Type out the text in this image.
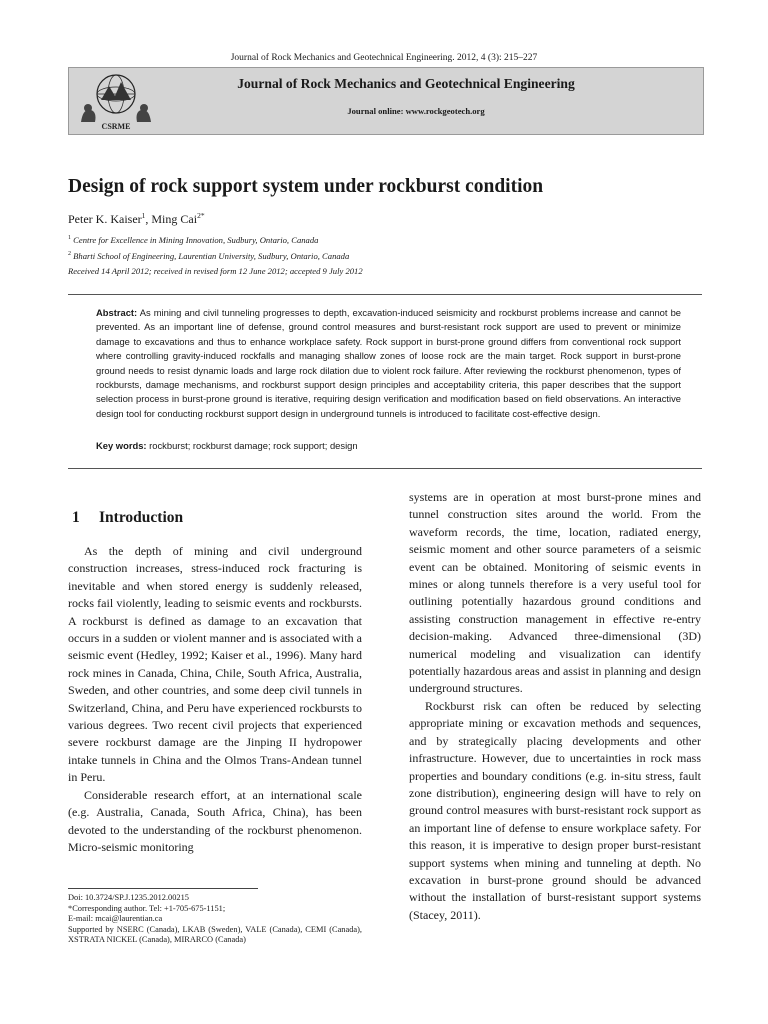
Journal of Rock Mechanics and Geotechnical Engineering. 2012, 4 (3): 215–227
CSRME
Journal of Rock Mechanics and Geotechnical Engineering
Journal online: www.rockgeotech.org
Design of rock support system under rockburst condition
Peter K. Kaiser$^1$, Ming Cai$^{2*}$
$^1$ Centre for Excellence in Mining Innovation, Sudbury, Ontario, Canada
$^2$ Bharti School of Engineering, Laurentian University, Sudbury, Ontario, Canada
Received 14 April 2012; received in revised form 12 June 2012; accepted 9 July 2012
Abstract: As mining and civil tunneling progresses to depth, excavation-induced seismicity and rockburst problems increase and cannot be prevented. As an important line of defense, ground control measures and burst-resistant rock support are used to prevent or minimize damage to excavations and thus to enhance workplace safety. Rock support in burst-prone ground differs from conventional rock support where controlling gravity-induced rockfalls and managing shallow zones of loose rock are the main target. Rock support in burst-prone ground needs to resist dynamic loads and large rock dilation due to violent rock failure. After reviewing the rockburst phenomenon, types of rockbursts, damage mechanisms, and rockburst support design principles and acceptability criteria, this paper describes that the support selection process in burst-prone ground is iterative, requiring design verification and modification based on field observations. An interactive design tool for conducting rockburst support design in underground tunnels is introduced to facilitate cost-effective design.
Key words: rockburst; rockburst damage; rock support; design
1 Introduction

As the depth of mining and civil underground construction increases, stress-induced rock fracturing is inevitable and when stored energy is suddenly released, rocks fail violently, leading to seismic events and rockbursts. A rockburst is defined as damage to an excavation that occurs in a sudden or violent manner and is associated with a seismic event (Hedley, 1992; Kaiser et al., 1996). Many hard rock mines in Canada, China, Chile, South Africa, Australia, Sweden, and other countries, and some deep civil tunnels in Switzerland, China, and Peru have experienced rockbursts to various degrees. Two recent civil projects that experienced severe rockburst damage are the Jinping II hydropower intake tunnels in China and the Olmos Trans-Andean tunnel in Peru.

Considerable research effort, at an international scale (e.g. Australia, Canada, South Africa, China), has been devoted to the understanding of the rockburst phenomenon. Micro-seismic monitoring

systems are in operation at most burst-prone mines and tunnel construction sites around the world. From the waveform records, the time, location, radiated energy, seismic moment and other source parameters of a seismic event can be obtained. Monitoring of seismic events in mines or along tunnels therefore is a very useful tool for outlining potentially hazardous ground conditions and assisting construction management in effective re-entry decision-making. Advanced three-dimensional (3D) numerical modeling and visualization can identify potentially hazardous areas and assist in planning and design underground structures.

Rockburst risk can often be reduced by selecting appropriate mining or excavation methods and sequences, and by strategically placing developments and other infrastructure. However, due to uncertainties in rock mass properties and boundary conditions (e.g. in-situ stress, fault zone distribution), engineering design will have to rely on ground control measures with burst-resistant rock support as an important line of defense to ensure workplace safety. For this reason, it is imperative to design proper burst-resistant support systems when mining and tunneling at depth. No excavation in burst-prone ground should be advanced without the installation of burst-resistant support systems (Stacey, 2011).

Doi: 10.3724/SP.J.1235.2012.00215
*Corresponding author. Tel: +1-705-675-1151;
E-mail: mcai@laurentian.ca
Supported by NSERC (Canada), LKAB (Sweden), VALE (Canada), CEMI (Canada), XSTRATA NICKEL (Canada), MIRARCO (Canada)
